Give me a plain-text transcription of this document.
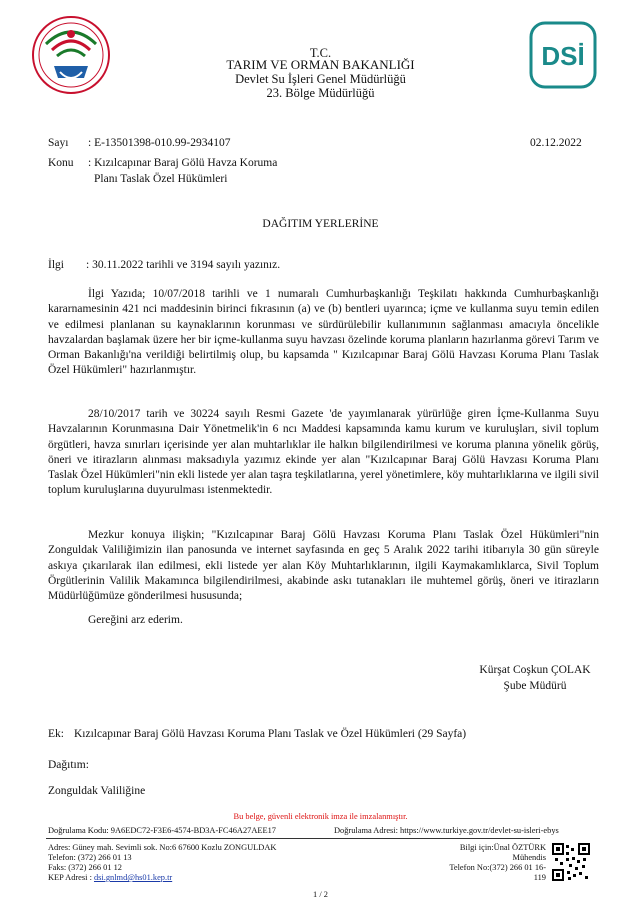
DSİ
T.C.
TARIM VE ORMAN BAKANLIĞI
Devlet Su İşleri Genel Müdürlüğü
23. Bölge Müdürlüğü
Sayı : E-13501398-010.99-2934107	02.12.2022
Konu : Kızılcapınar Baraj Gölü Havza Koruma
Planı Taslak Özel Hükümleri
DAĞITIM YERLERİNE
İlgi : 30.11.2022 tarihli ve 3194 sayılı yazınız.
İlgi Yazıda; 10/07/2018 tarihli ve 1 numaralı Cumhurbaşkanlığı Teşkilatı hakkında Cumhurbaşkanlığı kararnamesinin 421 nci maddesinin birinci fıkrasının (a) ve (b) bentleri uyarınca; içme ve kullanma suyu temin edilen ve edilmesi planlanan su kaynaklarının korunması ve sürdürülebilir kullanımının sağlanması amacıyla öncelikle havzalardan başlamak üzere her bir içme-kullanma suyu havzası özelinde koruma planların hazırlanma görevi Tarım ve Orman Bakanlığı'na verildiği belirtilmiş olup, bu kapsamda " Kızılcapınar Baraj Gölü Havzası Koruma Planı Taslak Özel Hükümleri" hazırlanmıştır.
28/10/2017 tarih ve 30224 sayılı Resmi Gazete 'de yayımlanarak yürürlüğe giren İçme-Kullanma Suyu Havzalarının Korunmasına Dair Yönetmelik'in 6 ncı Maddesi kapsamında kamu kurum ve kuruluşları, sivil toplum örgütleri, havza sınırları içerisinde yer alan muhtarlıklar ile halkın bilgilendirilmesi ve koruma planına yönelik görüş, öneri ve itirazların alınması maksadıyla yazımız ekinde yer alan "Kızılcapınar Baraj Gölü Havzası Koruma Planı Taslak Özel Hükümleri"nin ekli listede yer alan taşra teşkilatlarına, yerel yönetimlere, köy muhtarlıklarına ve ilgili sivil toplum kuruluşlarına duyurulması istenmektedir.
Mezkur konuya ilişkin; "Kızılcapınar Baraj Gölü Havzası Koruma Planı Taslak Özel Hükümleri"nin Zonguldak Valiliğimizin ilan panosunda ve internet sayfasında en geç 5 Aralık 2022 tarihi itibarıyla 30 gün süreyle askıya çıkarılarak ilan edilmesi, ekli listede yer alan Köy Muhtarlıklarının, ilgili Kaymakamlıklarca, Sivil Toplum Örgütlerinin Valilik Makamınca bilgilendirilmesi, akabinde askı tutanakları ile muhtemel görüş, öneri ve itirazların Müdürlüğümüze gönderilmesi hususunda;
Gereğini arz ederim.
Kürşat Coşkun ÇOLAK
Şube Müdürü
Ek: Kızılcapınar Baraj Gölü Havzası Koruma Planı Taslak ve Özel Hükümleri (29 Sayfa)
Dağıtım:
Zonguldak Valiliğine
Bu belge, güvenli elektronik imza ile imzalanmıştır.
Doğrulama Kodu: 9A6EDC72-F3E6-4574-BD3A-FC46A27AEE17	Doğrulama Adresi: https://www.turkiye.gov.tr/devlet-su-isleri-ebys
Adres: Güney mah. Sevimli sok. No:6 67600 Kozlu ZONGULDAK
Telefon: (372) 266 01 13
Faks: (372) 266 01 12
KEP Adresi : dsi.gnlmd@hs01.kep.tr
Bilgi için:Ünal ÖZTÜRK
Mühendis
Telefon No:(372) 266 01 16-
119
1 / 2
